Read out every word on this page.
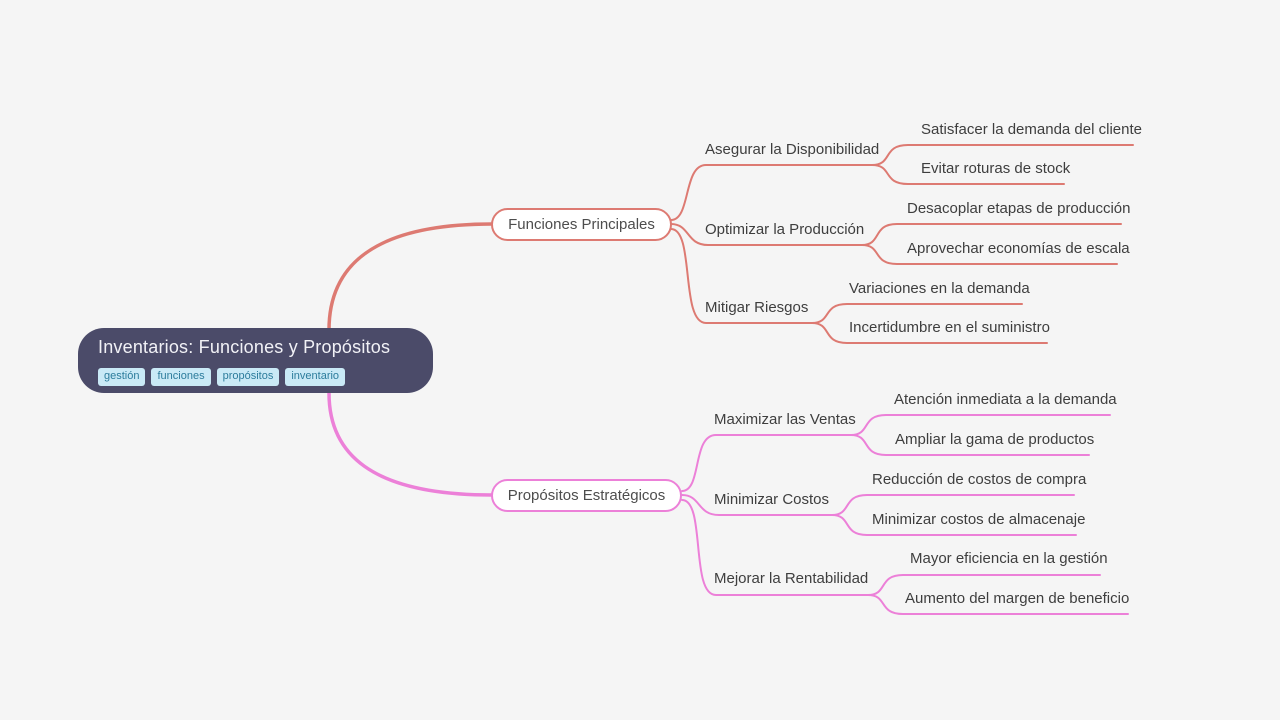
Inventarios: Funciones y Propósitos
gestión	funciones	propósitos	inventario
Funciones Principales
Propósitos Estratégicos
Asegurar la Disponibilidad
Satisfacer la demanda del cliente
Evitar roturas de stock
Optimizar la Producción
Desacoplar etapas de producción
Aprovechar economías de escala
Mitigar Riesgos
Variaciones en la demanda
Incertidumbre en el suministro
Maximizar las Ventas
Atención inmediata a la demanda
Ampliar la gama de productos
Minimizar Costos
Reducción de costos de compra
Minimizar costos de almacenaje
Mejorar la Rentabilidad
Mayor eficiencia en la gestión
Aumento del margen de beneficio
